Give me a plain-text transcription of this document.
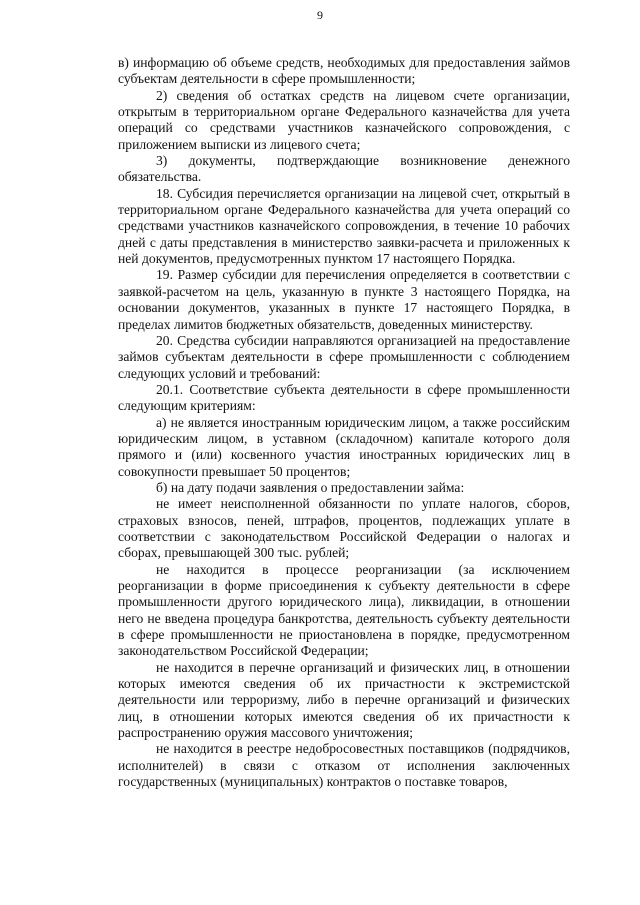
9

в) информацию об объеме средств, необходимых для предоставления займов субъектам деятельности в сфере промышленности;

2) сведения об остатках средств на лицевом счете организации, открытым в территориальном органе Федерального казначейства для учета операций со средствами участников казначейского сопровождения, с приложением выписки из лицевого счета;

3) документы, подтверждающие возникновение денежного обязательства.

18. Субсидия перечисляется организации на лицевой счет, открытый в территориальном органе Федерального казначейства для учета операций со средствами участников казначейского сопровождения, в течение 10 рабочих дней с даты представления в министерство заявки-расчета и приложенных к ней документов, предусмотренных пунктом 17 настоящего Порядка.

19. Размер субсидии для перечисления определяется в соответствии с заявкой-расчетом на цель, указанную в пункте 3 настоящего Порядка, на основании документов, указанных в пункте 17 настоящего Порядка, в пределах лимитов бюджетных обязательств, доведенных министерству.

20. Средства субсидии направляются организацией на предоставление займов субъектам деятельности в сфере промышленности с соблюдением следующих условий и требований:

20.1. Соответствие субъекта деятельности в сфере промышленности следующим критериям:

а) не является иностранным юридическим лицом, а также российским юридическим лицом, в уставном (складочном) капитале которого доля прямого и (или) косвенного участия иностранных юридических лиц в совокупности превышает 50 процентов;

б) на дату подачи заявления о предоставлении займа:

не имеет неисполненной обязанности по уплате налогов, сборов, страховых взносов, пеней, штрафов, процентов, подлежащих уплате в соответствии с законодательством Российской Федерации о налогах и сборах, превышающей 300 тыс. рублей;

не находится в процессе реорганизации (за исключением реорганизации в форме присоединения к субъекту деятельности в сфере промышленности другого юридического лица), ликвидации, в отношении него не введена процедура банкротства, деятельность субъекту деятельности в сфере промышленности не приостановлена в порядке, предусмотренном законодательством Российской Федерации;

не находится в перечне организаций и физических лиц, в отношении которых имеются сведения об их причастности к экстремистской деятельности или терроризму, либо в перечне организаций и физических лиц, в отношении которых имеются сведения об их причастности к распространению оружия массового уничтожения;

не находится в реестре недобросовестных поставщиков (подрядчиков, исполнителей) в связи с отказом от исполнения заключенных государственных (муниципальных) контрактов о поставке товаров,
